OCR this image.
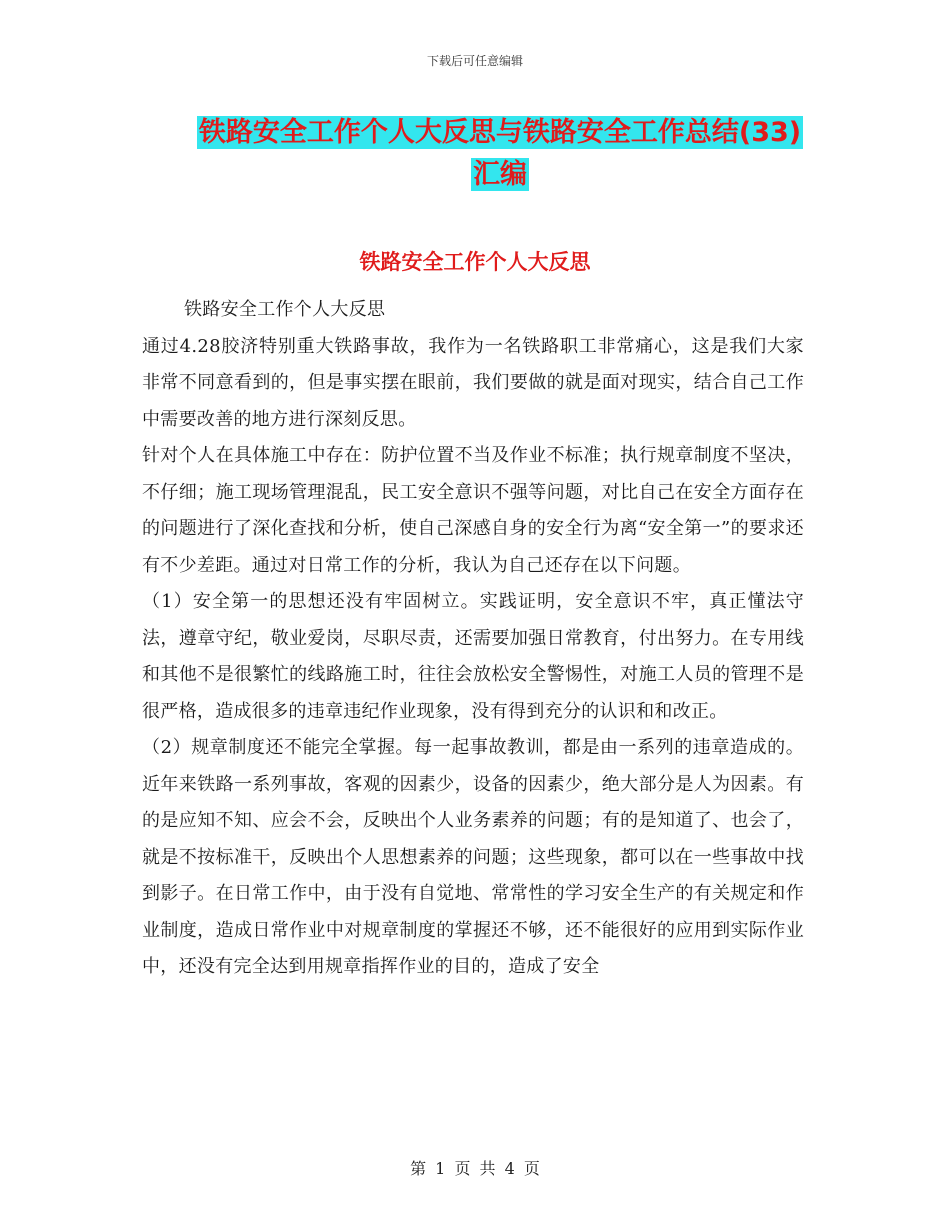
下载后可任意编辑
铁路安全工作个人大反思与铁路安全工作总结(33)汇编
铁路安全工作个人大反思

铁路安全工作个人大反思

通过4.28胶济特别重大铁路事故，我作为一名铁路职工非常痛心，这是我们大家非常不同意看到的，但是事实摆在眼前，我们要做的就是面对现实，结合自己工作中需要改善的地方进行深刻反思。

针对个人在具体施工中存在：防护位置不当及作业不标准；执行规章制度不坚决，不仔细；施工现场管理混乱，民工安全意识不强等问题，对比自己在安全方面存在的问题进行了深化查找和分析，使自己深感自身的安全行为离“安全第一”的要求还有不少差距。通过对日常工作的分析，我认为自己还存在以下问题。

（1）安全第一的思想还没有牢固树立。实践证明，安全意识不牢，真正懂法守法，遵章守纪，敬业爱岗，尽职尽责，还需要加强日常教育，付出努力。在专用线和其他不是很繁忙的线路施工时，往往会放松安全警惕性，对施工人员的管理不是很严格，造成很多的违章违纪作业现象，没有得到充分的认识和和改正。

（2）规章制度还不能完全掌握。每一起事故教训，都是由一系列的违章造成的。近年来铁路一系列事故，客观的因素少，设备的因素少，绝大部分是人为因素。有的是应知不知、应会不会，反映出个人业务素养的问题；有的是知道了、也会了，就是不按标准干，反映出个人思想素养的问题；这些现象，都可以在一些事故中找到影子。在日常工作中，由于没有自觉地、常常性的学习安全生产的有关规定和作业制度，造成日常作业中对规章制度的掌握还不够，还不能很好的应用到实际作业中，还没有完全达到用规章指挥作业的目的，造成了安全

第 1 页 共 4 页
